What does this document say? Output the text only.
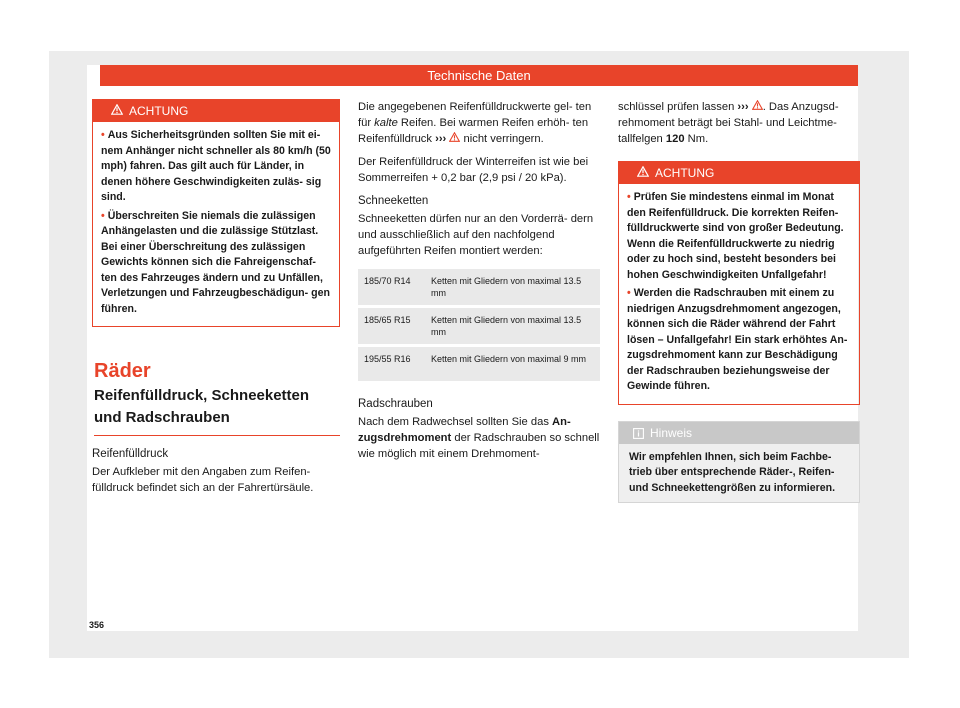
Technische Daten
ACHTUNG
• Aus Sicherheitsgründen sollten Sie mit ei- nem Anhänger nicht schneller als 80 km/h (50 mph) fahren. Das gilt auch für Länder, in denen höhere Geschwindigkeiten zuläs- sig sind.
• Überschreiten Sie niemals die zulässigen Anhängelasten und die zulässige Stützlast. Bei einer Überschreitung des zulässigen Gewichts können sich die Fahreigenschaf- ten des Fahrzeuges ändern und zu Unfällen, Verletzungen und Fahrzeugbeschädigun- gen führen.
Räder
Reifenfülldruck, Schneeketten und Radschrauben
Reifenfülldruck

Der Aufkleber mit den Angaben zum Reifen- fülldruck befindet sich an der Fahrertürsäule.

Die angegebenen Reifenfülldruckwerte gel- ten für kalte Reifen. Bei warmen Reifen erhöh- ten Reifenfülldruck ›››  nicht verringern.

Der Reifenfülldruck der Winterreifen ist wie bei Sommerreifen + 0,2 bar (2,9 psi / 20 kPa).

Schneeketten

Schneeketten dürfen nur an den Vorderrä- dern und ausschließlich auf den nachfolgend aufgeführten Reifen montiert werden:

185/70 R14	Ketten mit Gliedern von maximal 13.5 mm
185/65 R15	Ketten mit Gliedern von maximal 13.5 mm
195/55 R16	Ketten mit Gliedern von maximal 9 mm
Radschrauben

Nach dem Radwechsel sollten Sie das An- zugsdrehmoment der Radschrauben so schnell wie möglich mit einem Drehmoment-

schlüssel prüfen lassen ››› . Das Anzugsd- rehmoment beträgt bei Stahl- und Leichtme- tallfelgen 120 Nm.

ACHTUNG
• Prüfen Sie mindestens einmal im Monat den Reifenfülldruck. Die korrekten Reifen- fülldruckwerte sind von großer Bedeutung. Wenn die Reifenfülldruckwerte zu niedrig oder zu hoch sind, besteht besonders bei hohen Geschwindigkeiten Unfallgefahr!
• Werden die Radschrauben mit einem zu niedrigen Anzugsdrehmoment angezogen, können sich die Räder während der Fahrt lösen – Unfallgefahr! Ein stark erhöhtes An- zugsdrehmoment kann zur Beschädigung der Radschrauben beziehungsweise der Gewinde führen.
Hinweis
Wir empfehlen Ihnen, sich beim Fachbe- trieb über entsprechende Räder-, Reifen- und Schneekettengrößen zu informieren.
356
